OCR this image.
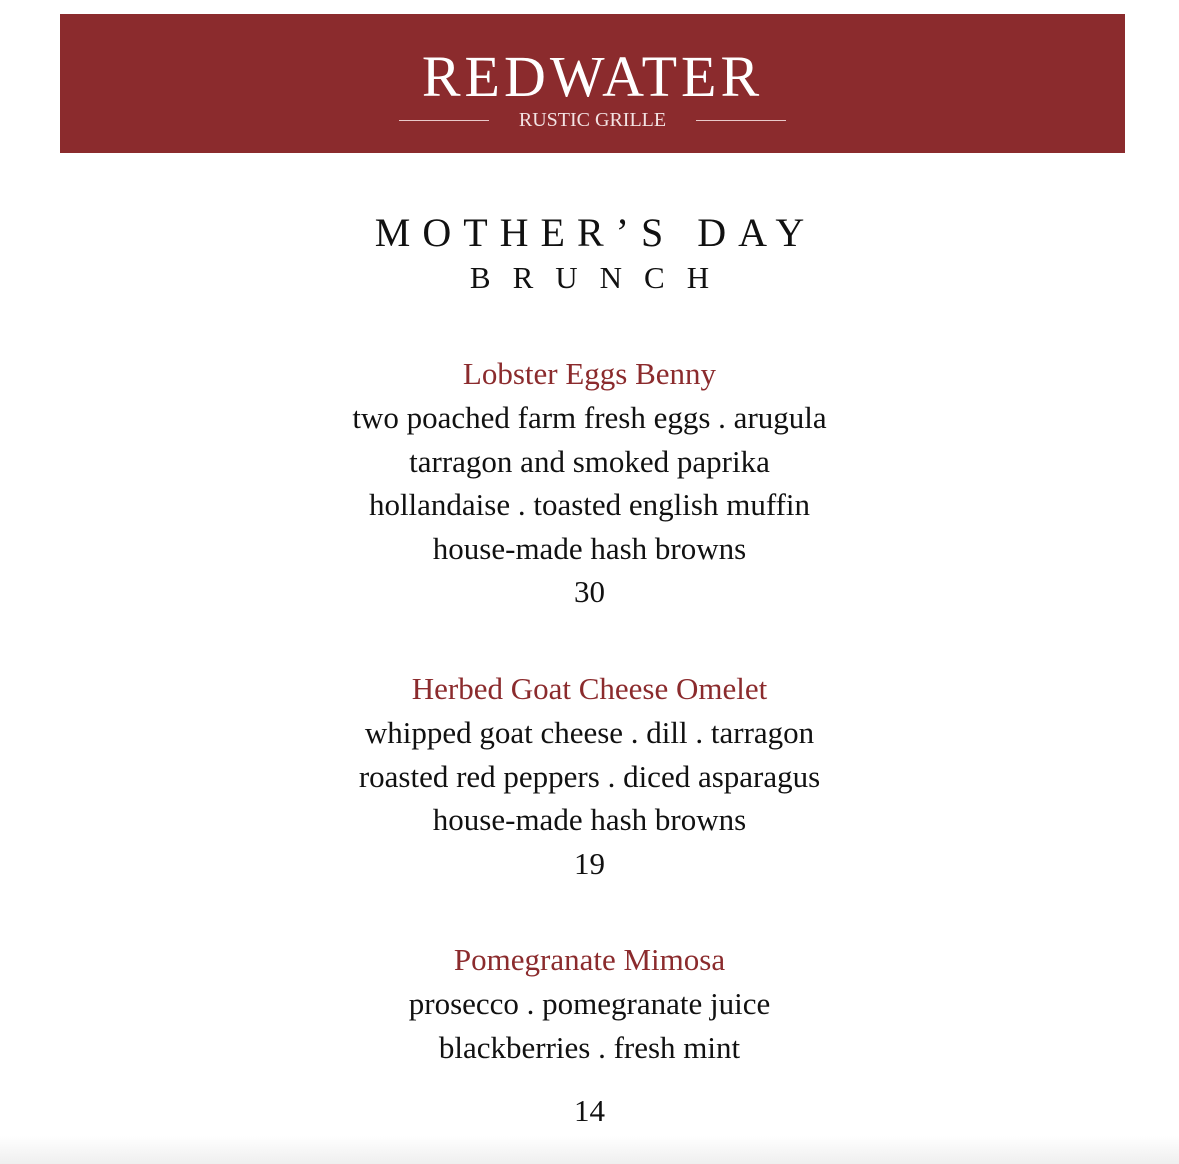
REDWATER
RUSTIC GRILLE
MOTHER’S DAY
BRUNCH
Lobster Eggs Benny
two poached farm fresh eggs . arugula
tarragon and smoked paprika
hollandaise . toasted english muffin
house-made hash browns
30
Herbed Goat Cheese Omelet
whipped goat cheese . dill . tarragon
roasted red peppers . diced asparagus
house-made hash browns
19
Pomegranate Mimosa
prosecco . pomegranate juice
blackberries . fresh mint
14
